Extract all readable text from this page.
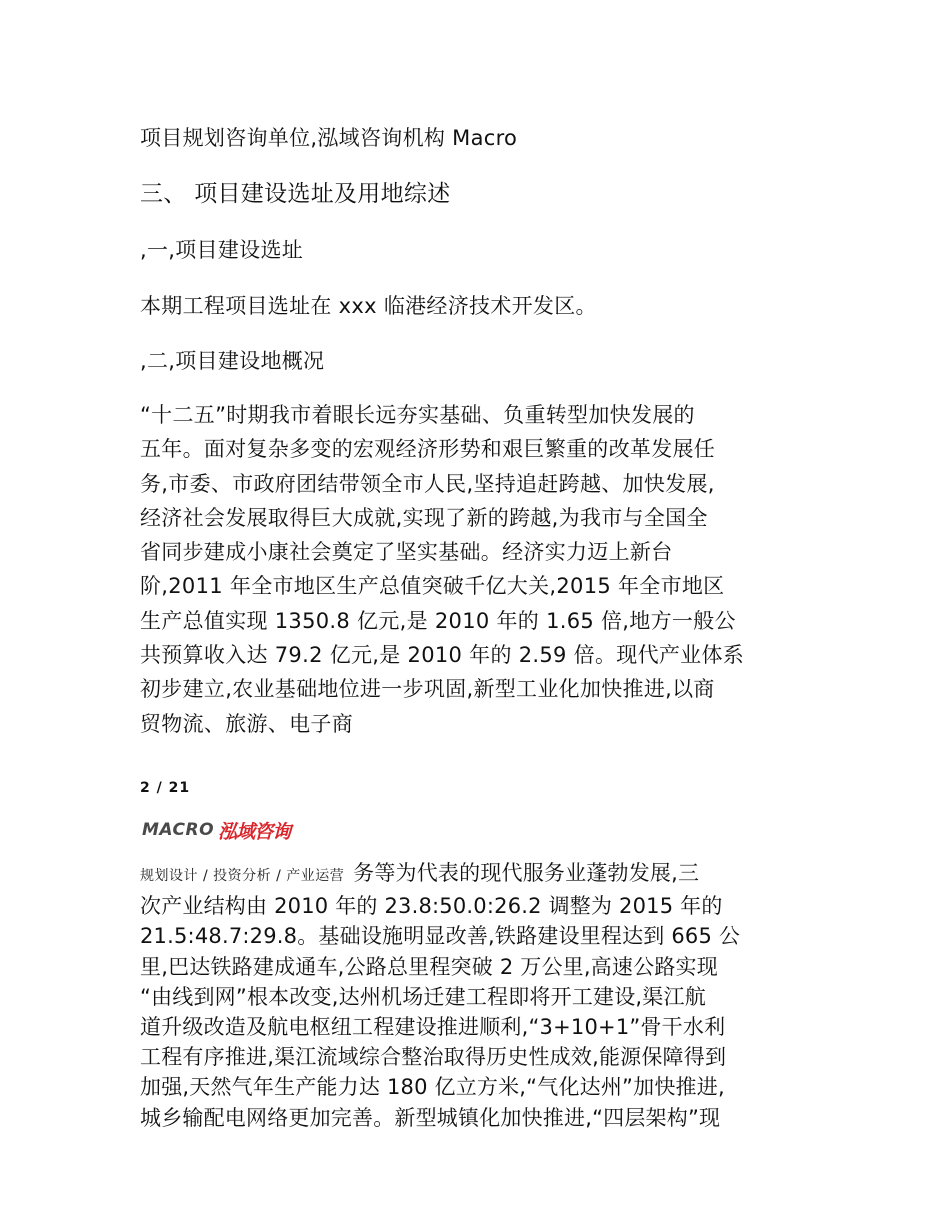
项目规划咨询单位,泓域咨询机构 Macro
三、 项目建设选址及用地综述
,一,项目建设选址
本期工程项目选址在 xxx 临港经济技术开发区。
,二,项目建设地概况
“十二五”时期我市着眼长远夯实基础、负重转型加快发展的
五年。面对复杂多变的宏观经济形势和艰巨繁重的改革发展任
务,市委、市政府团结带领全市人民,坚持追赶跨越、加快发展,
经济社会发展取得巨大成就,实现了新的跨越,为我市与全国全
省同步建成小康社会奠定了坚实基础。经济实力迈上新台
阶,2011 年全市地区生产总值突破千亿大关,2015 年全市地区
生产总值实现 1350.8 亿元,是 2010 年的 1.65 倍,地方一般公
共预算收入达 79.2 亿元,是 2010 年的 2.59 倍。现代产业体系
初步建立,农业基础地位进一步巩固,新型工业化加快推进,以商
贸物流、旅游、电子商
2 / 21
MACRO 泓域咨询
规划设计 / 投资分析 / 产业运营 务等为代表的现代服务业蓬勃发展,三
次产业结构由 2010 年的 23.8:50.0:26.2 调整为 2015 年的
21.5:48.7:29.8。基础设施明显改善,铁路建设里程达到 665 公
里,巴达铁路建成通车,公路总里程突破 2 万公里,高速公路实现
“由线到网”根本改变,达州机场迁建工程即将开工建设,渠江航
道升级改造及航电枢纽工程建设推进顺利,“3+10+1”骨干水利
工程有序推进,渠江流域综合整治取得历史性成效,能源保障得到
加强,天然气年生产能力达 180 亿立方米,“气化达州”加快推进,
城乡输配电网络更加完善。新型城镇化加快推进,“四层架构”现
